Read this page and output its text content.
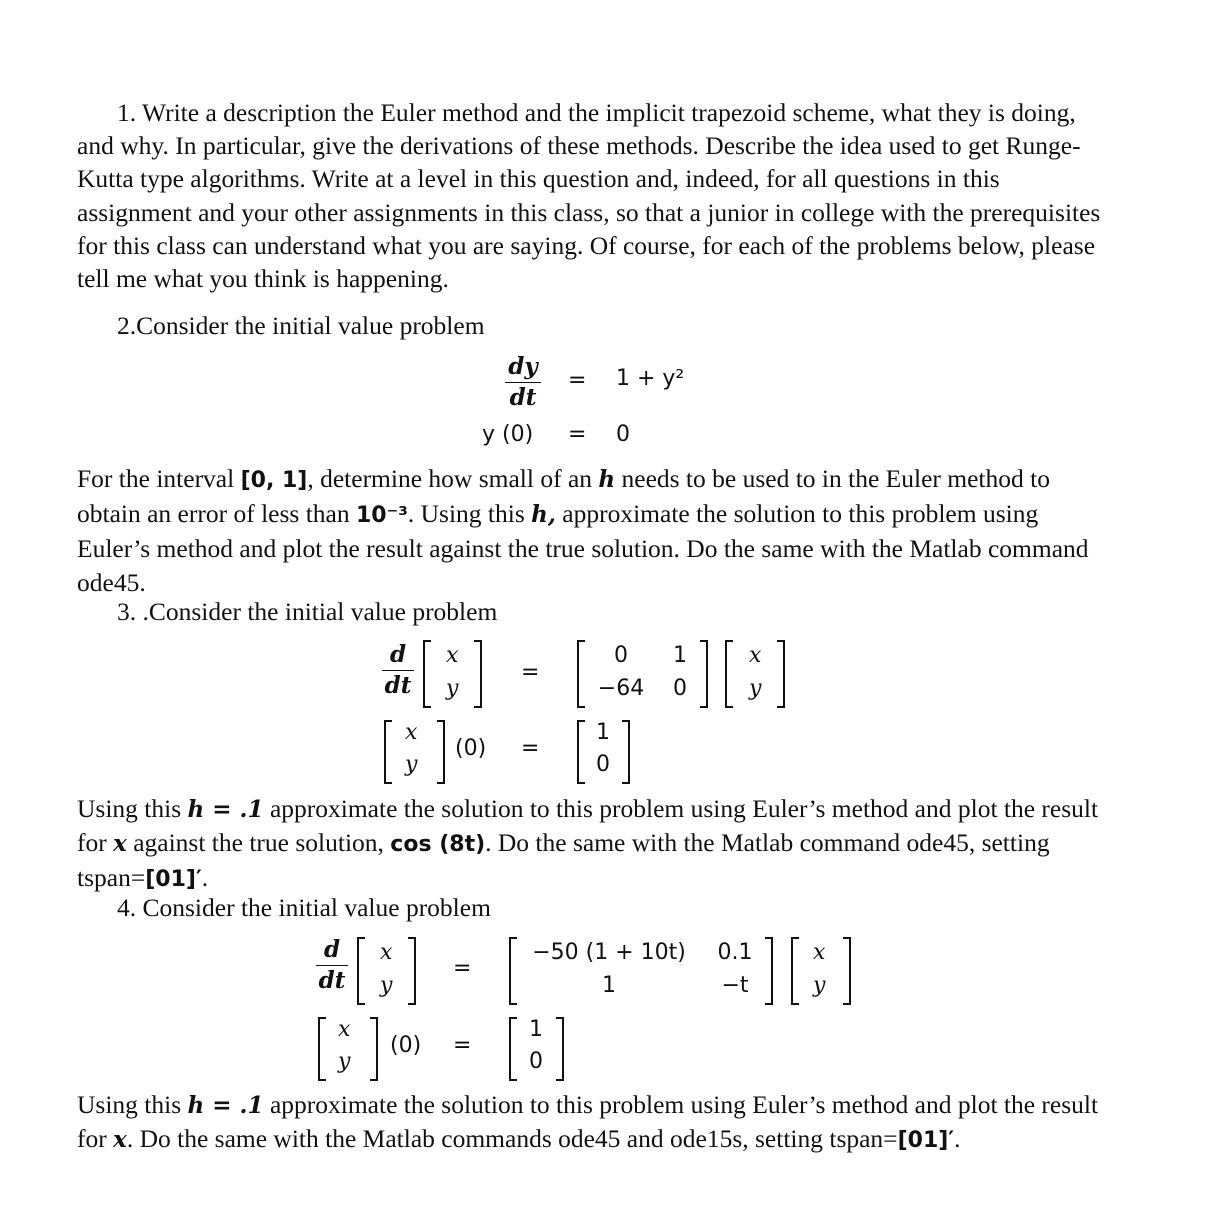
1. Write a description the Euler method and the implicit trapezoid scheme, what they is doing, and why. In particular, give the derivations of these methods. Describe the idea used to get Runge-Kutta type algorithms. Write at a level in this question and, indeed, for all questions in this assignment and your other assignments in this class, so that a junior in college with the prerequisites for this class can understand what you are saying. Of course, for each of the problems below, please tell me what you think is happening.
2.Consider the initial value problem
$\frac{dy}{dt} = 1 + y^2$
y (0) = 0
For the interval [0, 1], determine how small of an h needs to be used to in the Euler method to obtain an error of less than 10⁻³. Using this h, approximate the solution to this problem using Euler’s method and plot the result against the true solution. Do the same with the Matlab command ode45.
3. .Consider the initial value problem
$\frac{d}{dt}$ x
y
=
0	1
−64 0
x
y
x
y
(0) =
1
0
Using this h = .1 approximate the solution to this problem using Euler’s method and plot the result for x against the true solution, cos (8t). Do the same with the Matlab command ode45, setting tspan=[01]′.
4. Consider the initial value problem
$\frac{d}{dt}$ x
y
=
−50 (1 + 10t)	0.1
1	−t
x
y
x
y
(0) =
1
0
Using this h = .1 approximate the solution to this problem using Euler’s method and plot the result for x. Do the same with the Matlab commands ode45 and ode15s, setting tspan=[01]′.
